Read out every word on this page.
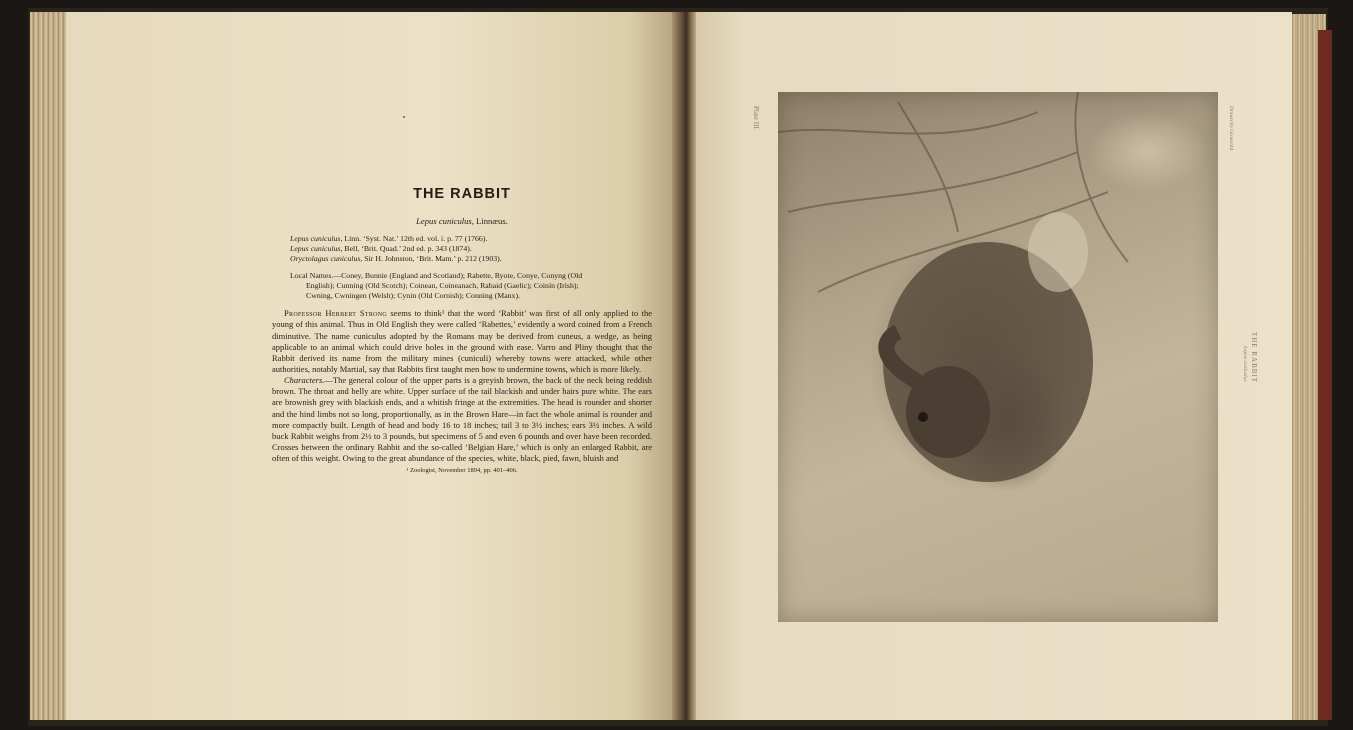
THE RABBIT
Lepus cuniculus, Linnæus.
Lepus cuniculus, Linn. ‘Syst. Nat.’ 12th ed. vol. i. p. 77 (1766).
Lepus cuniculus, Bell, ‘Brit. Quad.’ 2nd ed. p. 343 (1874).
Oryctolagus cuniculus, Sir H. Johnston, ‘Brit. Mam.’ p. 212 (1903).
Local Names.—Coney, Bunnie (England and Scotland); Rabette, Ryote, Conye, Conyng (Old
English); Cunning (Old Scotch); Coinean, Coineanach, Rabaid (Gaelic); Coinín (Irish);
Cwning, Cwningen (Welsh); Cynin (Old Cornish); Conning (Manx).

Professor Herbert Strong seems to think¹ that the word ‘Rabbit’ was first of all only applied to the young of this animal. Thus in Old English they were called ‘Rabettes,’ evidently a word coined from a French diminutive. The name cuniculus adopted by the Romans may be derived from cuneus, a wedge, as being applicable to an animal which could drive holes in the ground with ease. Varro and Pliny thought that the Rabbit derived its name from the military mines (cuniculi) whereby towns were attacked, while other authorities, notably Martial, say that Rabbits first taught men how to undermine towns, which is more likely.

Characters.—The general colour of the upper parts is a greyish brown, the back of the neck being reddish brown. The throat and belly are white. Upper surface of the tail blackish and under hairs pure white. The ears are brownish grey with blackish ends, and a whitish fringe at the extremities. The head is rounder and shorter and the hind limbs not so long, proportionally, as in the Brown Hare—in fact the whole animal is rounder and more compactly built. Length of head and body 16 to 18 inches; tail 3 to 3½ inches; ears 3½ inches. A wild buck Rabbit weighs from 2½ to 3 pounds, but specimens of 5 and even 6 pounds and over have been recorded. Crosses between the ordinary Rabbit and the so-called ‘Belgian Hare,’ which is only an enlarged Rabbit, are often of this weight. Owing to the great abundance of the species, white, black, pied, fawn, bluish and

¹ Zoologist, November 1894, pp. 401–406.
Plate III.	Drawn by Gronvold
THE RABBIT
Lepus cuniculus
